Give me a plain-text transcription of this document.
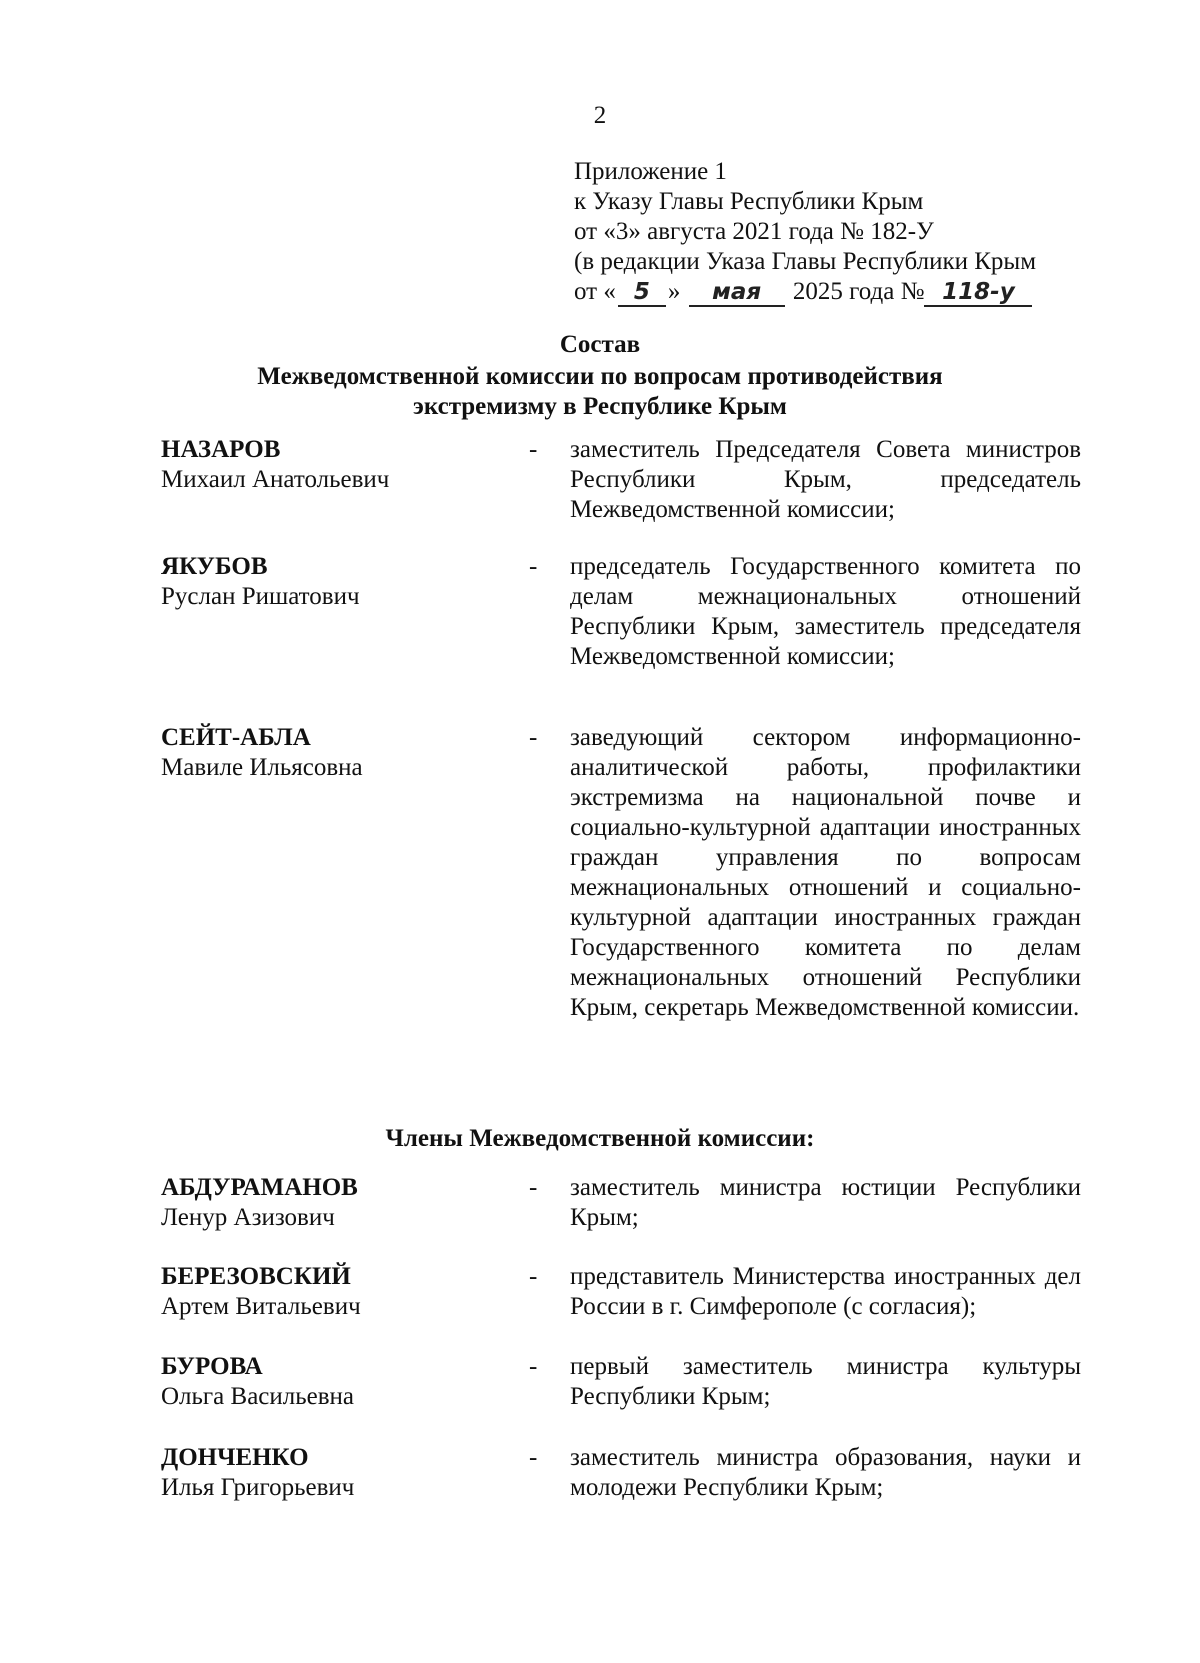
2
Приложение 1
к Указу Главы Республики Крым
от «3» августа 2021 года № 182-У
(в редакции Указа Главы Республики Крым
от « 5 » мая 2025 года № 118-у
Состав
Межведомственной комиссии по вопросам противодействия
экстремизму в Республике Крым
НАЗАРОВ
Михаил Анатольевич
- заместитель Председателя Совета министров Республики Крым, председатель Межведомственной комиссии;
ЯКУБОВ
Руслан Ришатович
- председатель Государственного комитета по делам межнациональных отношений Республики Крым, заместитель председателя Межведомственной комиссии;
СЕЙТ-АБЛА
Мавиле Ильясовна
- заведующий сектором информационно-аналитической работы, профилактики экстремизма на национальной почве и социально-культурной адаптации иностранных граждан управления по вопросам межнациональных отношений и социально-культурной адаптации иностранных граждан Государственного комитета по делам межнациональных отношений Республики Крым, секретарь Межведомственной комиссии.
Члены Межведомственной комиссии:
АБДУРАМАНОВ
Ленур Азизович
- заместитель министра юстиции Республики Крым;
БЕРЕЗОВСКИЙ
Артем Витальевич
- представитель Министерства иностранных дел России в г. Симферополе (с согласия);
БУРОВА
Ольга Васильевна
- первый заместитель министра культуры Республики Крым;
ДОНЧЕНКО
Илья Григорьевич
- заместитель министра образования, науки и молодежи Республики Крым;
